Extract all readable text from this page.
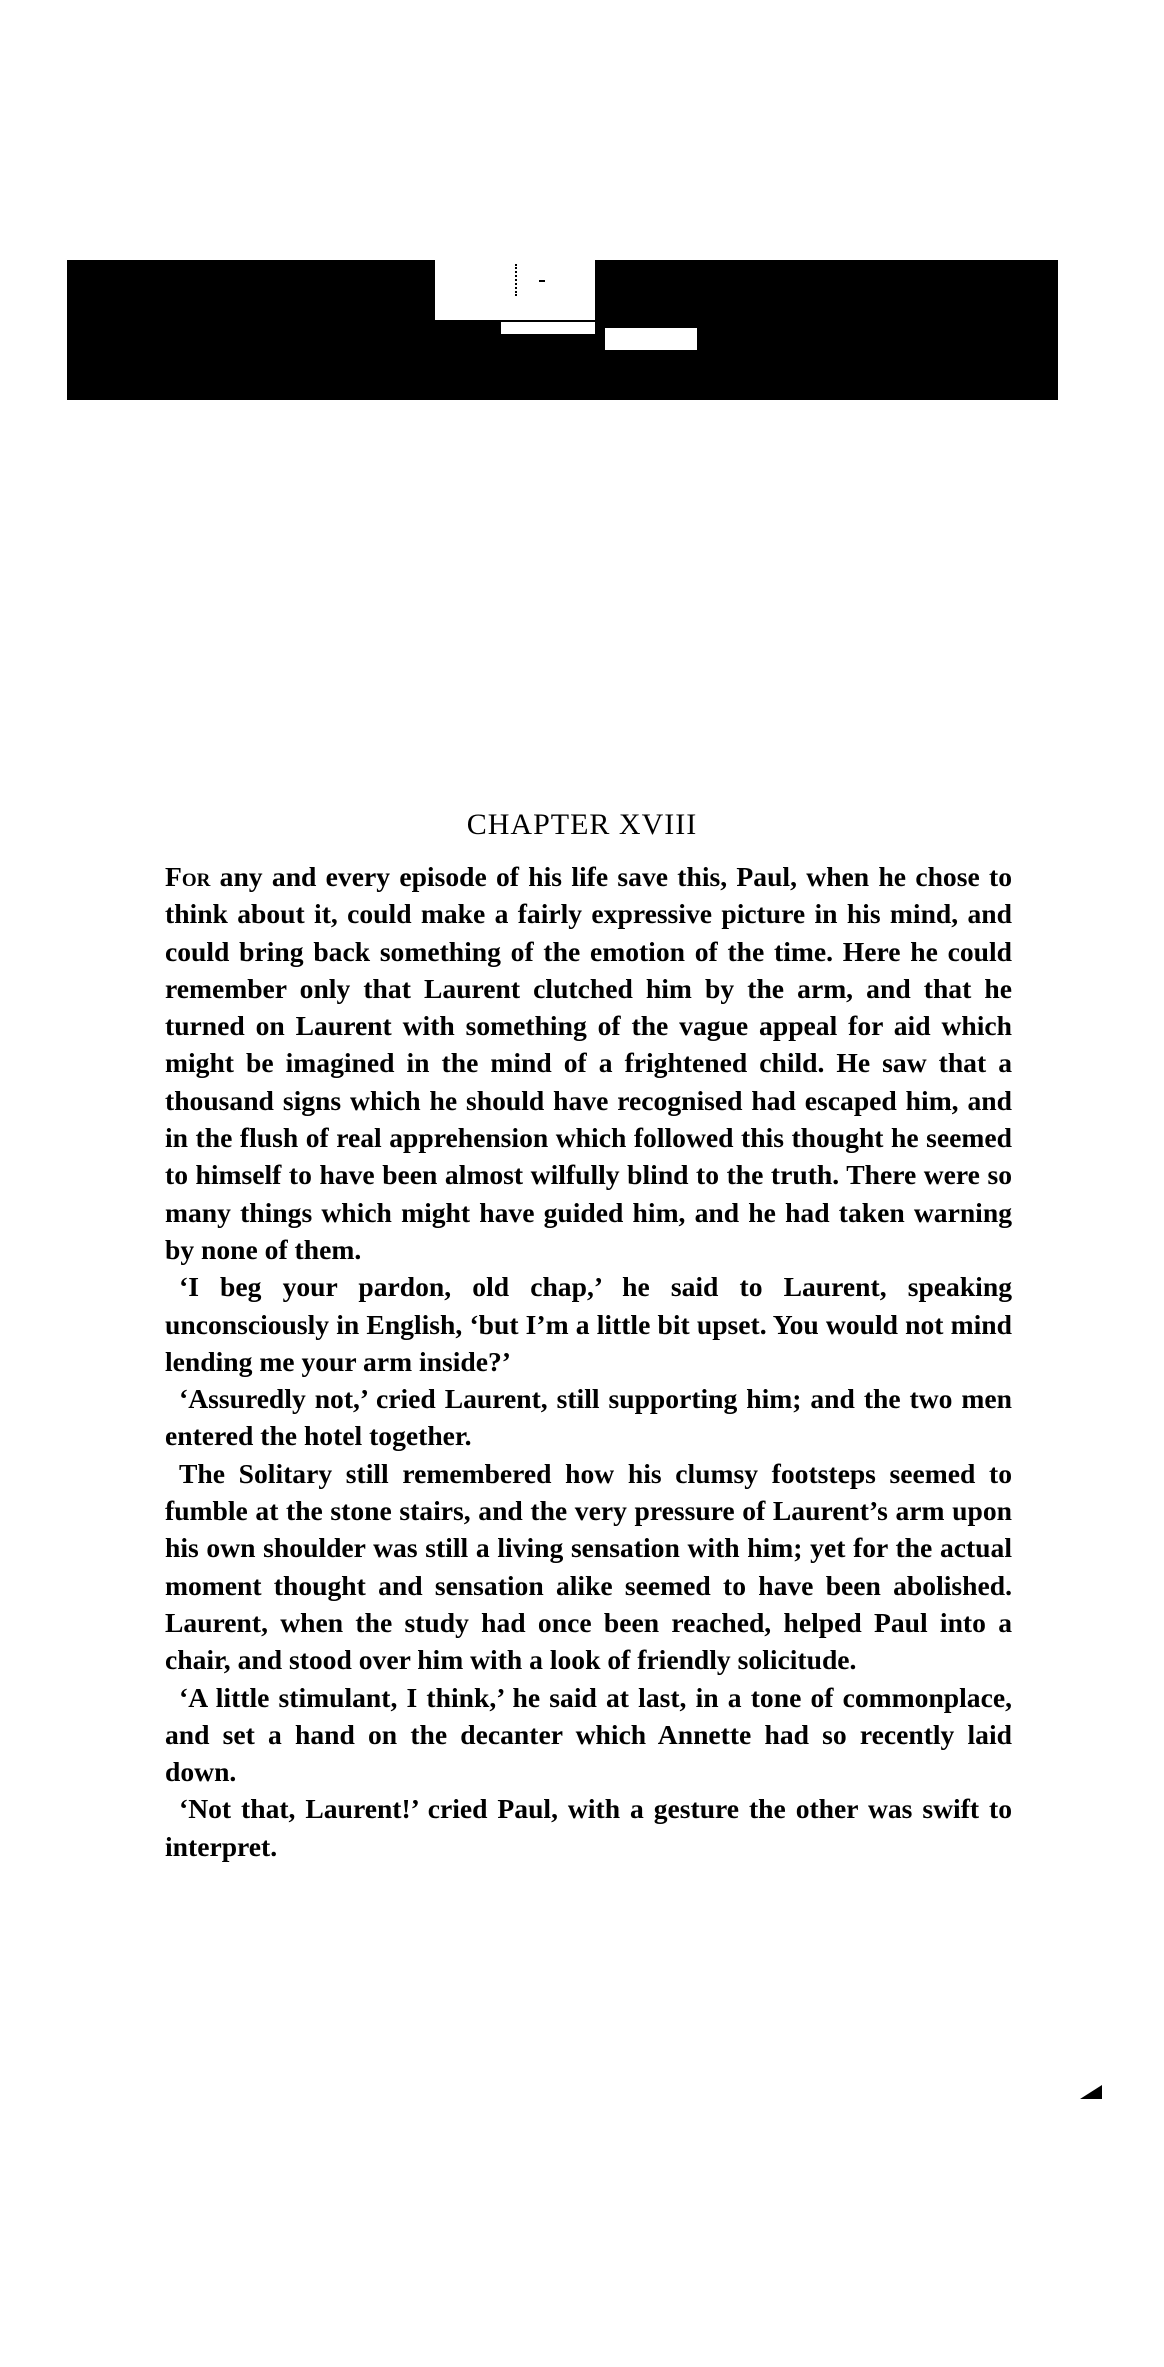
CHAPTER XVIII

For any and every episode of his life save this, Paul, when he chose to think about it, could make a fairly expressive picture in his mind, and could bring back something of the emotion of the time. Here he could remember only that Laurent clutched him by the arm, and that he turned on Laurent with something of the vague appeal for aid which might be imagined in the mind of a frightened child. He saw that a thousand signs which he should have recognised had escaped him, and in the flush of real apprehension which followed this thought he seemed to himself to have been almost wilfully blind to the truth. There were so many things which might have guided him, and he had taken warning by none of them.

‘I beg your pardon, old chap,’ he said to Laurent, speaking unconsciously in English, ‘but I’m a little bit upset. You would not mind lending me your arm inside?’

‘Assuredly not,’ cried Laurent, still supporting him; and the two men entered the hotel together.

The Solitary still remembered how his clumsy footsteps seemed to fumble at the stone stairs, and the very pressure of Laurent’s arm upon his own shoulder was still a living sensation with him; yet for the actual moment thought and sensation alike seemed to have been abolished. Laurent, when the study had once been reached, helped Paul into a chair, and stood over him with a look of friendly solicitude.

‘A little stimulant, I think,’ he said at last, in a tone of commonplace, and set a hand on the decanter which Annette had so recently laid down.

‘Not that, Laurent!’ cried Paul, with a gesture the other was swift to interpret.
